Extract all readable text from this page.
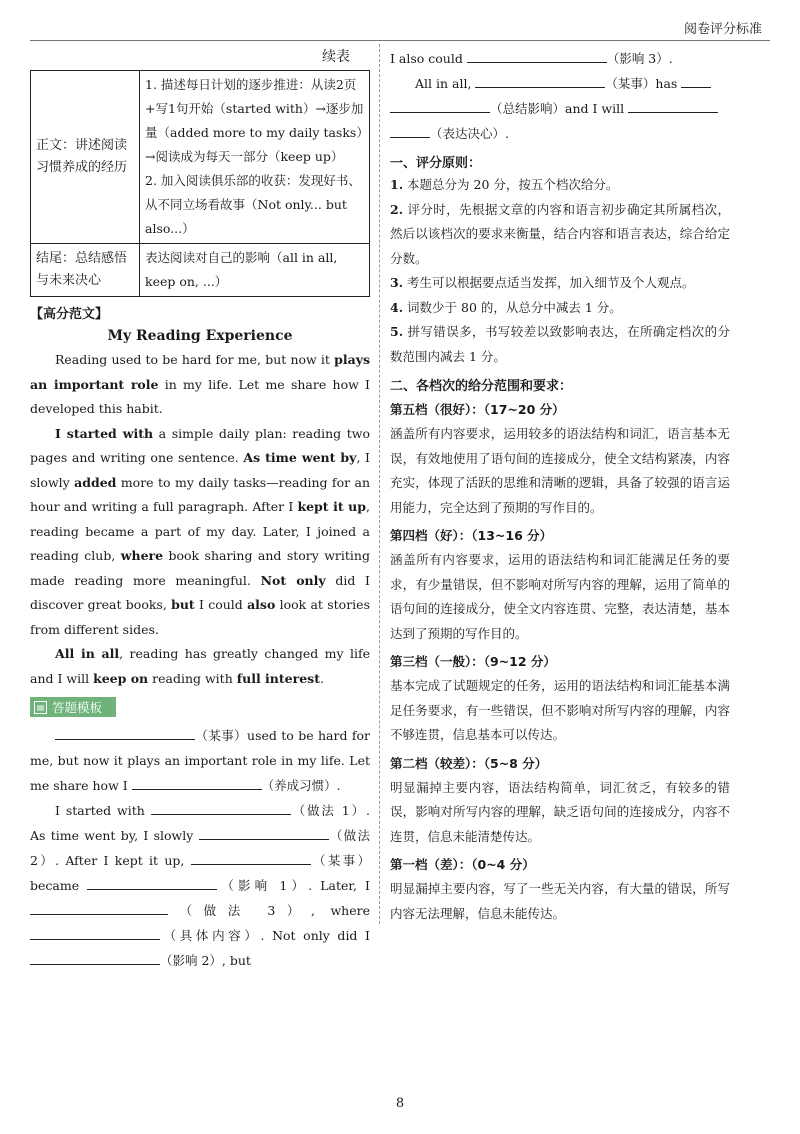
阅卷评分标准
续表
正文：讲述阅读习惯养成的经历	1. 描述每日计划的逐步推进：从读2页+写1句开始（started with）→逐步加量（added more to my daily tasks）→阅读成为每天一部分（keep up）
2. 加入阅读俱乐部的收获：发现好书、从不同立场看故事（Not only... but also...）

结尾：总结感悟与未来决心	表达阅读对自己的影响（all in all, keep on, ...）
【高分范文】
My Reading Experience

Reading used to be hard for me, but now it plays an important role in my life. Let me share how I developed this habit.

I started with a simple daily plan: reading two pages and writing one sentence. As time went by, I slowly added more to my daily tasks—reading for an hour and writing a full paragraph. After I kept it up, reading became a part of my day. Later, I joined a reading club, where book sharing and story writing made reading more meaningful. Not only did I discover great books, but I could also look at stories from different sides.

All in all, reading has greatly changed my life and I will keep on reading with full interest.

▤ 答题模板

（某事）used to be hard for me, but now it plays an important role in my life. Let me share how I	（养成习惯）.

I started with	（做法 1）. As time went by, I slowly	（做法 2）. After I kept it up,	（某事）became	（影响 1）. Later, I （做法 3）, where （具体内容）. Not only did I （影响 2）, but

I also could	（影响 3）.

All in all,	（某事）has

（总结影响）and I will

（表达决心）.

一、评分原则：

1. 本题总分为 20 分，按五个档次给分。

2. 评分时，先根据文章的内容和语言初步确定其所属档次，然后以该档次的要求来衡量，结合内容和语言表达，综合给定分数。

3. 考生可以根据要点适当发挥，加入细节及个人观点。

4. 词数少于 80 的，从总分中减去 1 分。

5. 拼写错误多，书写较差以致影响表达，在所确定档次的分数范围内减去 1 分。

二、各档次的给分范围和要求：
第五档（很好）：（17~20 分）

涵盖所有内容要求，运用较多的语法结构和词汇，语言基本无误，有效地使用了语句间的连接成分，使全文结构紧凑，内容充实，体现了活跃的思维和清晰的逻辑，具备了较强的语言运用能力，完全达到了预期的写作目的。

第四档（好）：（13~16 分）

涵盖所有内容要求，运用的语法结构和词汇能满足任务的要求，有少量错误，但不影响对所写内容的理解，运用了简单的语句间的连接成分，使全文内容连贯、完整，表达清楚，基本达到了预期的写作目的。

第三档（一般）：（9~12 分）

基本完成了试题规定的任务，运用的语法结构和词汇能基本满足任务要求，有一些错误，但不影响对所写内容的理解，内容不够连贯，信息基本可以传达。

第二档（较差）：（5~8 分）

明显漏掉主要内容，语法结构简单，词汇贫乏，有较多的错误，影响对所写内容的理解，缺乏语句间的连接成分，内容不连贯，信息未能清楚传达。

第一档（差）：（0~4 分）

明显漏掉主要内容，写了一些无关内容，有大量的错误，所写内容无法理解，信息未能传达。

8
